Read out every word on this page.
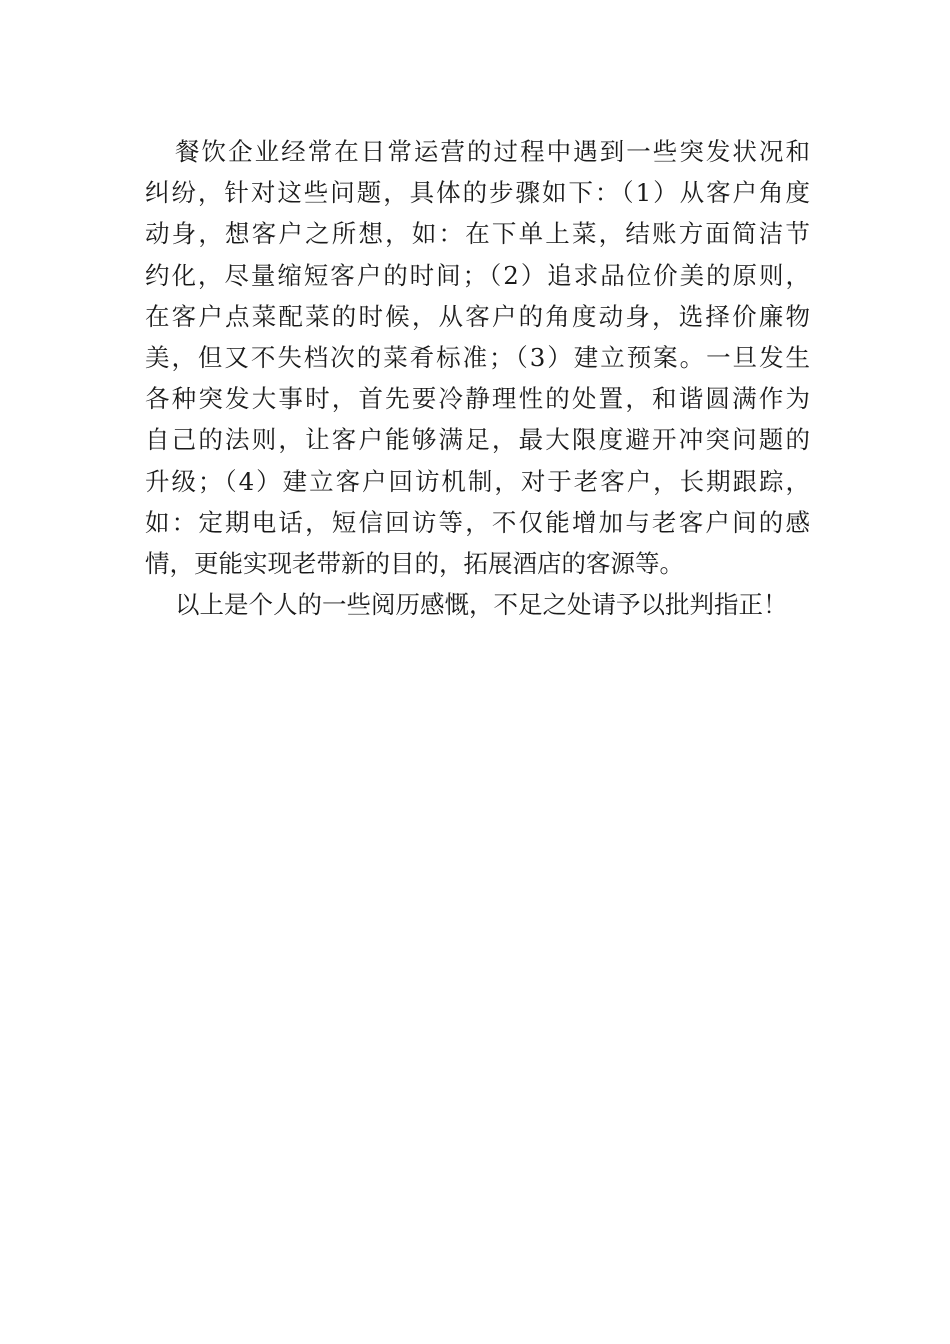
餐饮企业经常在日常运营的过程中遇到一些突发状况和
纠纷，针对这些问题，具体的步骤如下：（1）从客户角度
动身，想客户之所想，如：在下单上菜，结账方面简洁节
约化，尽量缩短客户的时间；（2）追求品位价美的原则，
在客户点菜配菜的时候，从客户的角度动身，选择价廉物
美，但又不失档次的菜肴标准；（3）建立预案。一旦发生
各种突发大事时，首先要冷静理性的处置，和谐圆满作为
自己的法则，让客户能够满足，最大限度避开冲突问题的
升级；（4）建立客户回访机制，对于老客户，长期跟踪，
如：定期电话，短信回访等，不仅能增加与老客户间的感
情，更能实现老带新的目的，拓展酒店的客源等。
以上是个人的一些阅历感慨，不足之处请予以批判指正！
